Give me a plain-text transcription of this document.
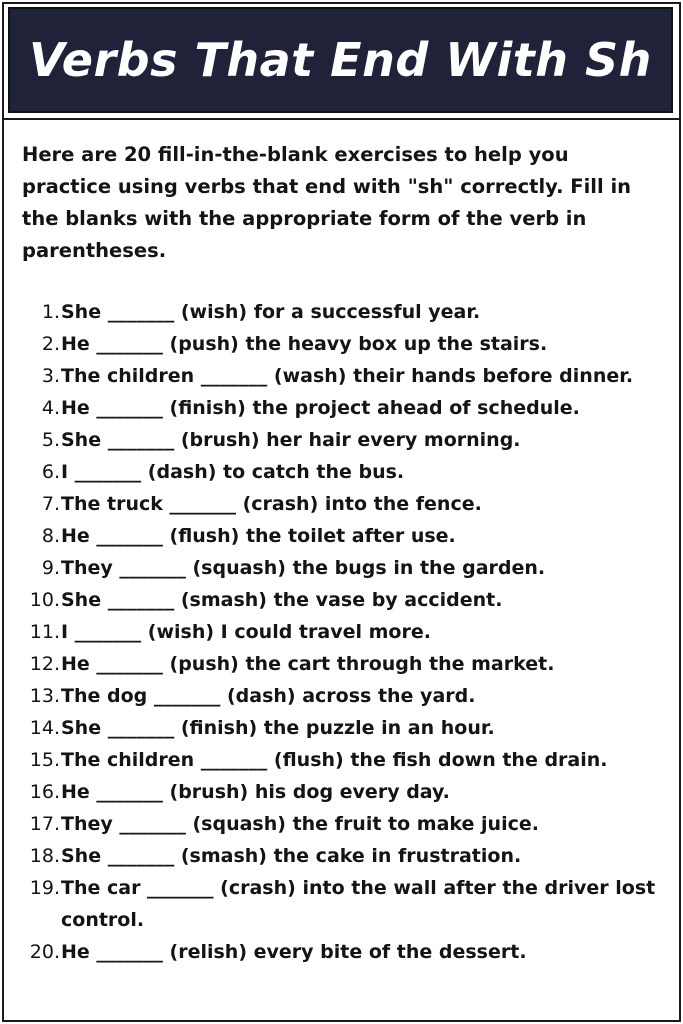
Verbs That End With Sh

Here are 20 fill-in-the-blank exercises to help you practice using verbs that end with "sh" correctly. Fill in the blanks with the appropriate form of the verb in parentheses.

1. She _______ (wish) for a successful year.
2. He _______ (push) the heavy box up the stairs.
3. The children _______ (wash) their hands before dinner.
4. He _______ (finish) the project ahead of schedule.
5. She _______ (brush) her hair every morning.
6. I _______ (dash) to catch the bus.
7. The truck _______ (crash) into the fence.
8. He _______ (flush) the toilet after use.
9. They _______ (squash) the bugs in the garden.
10. She _______ (smash) the vase by accident.
11. I _______ (wish) I could travel more.
12. He _______ (push) the cart through the market.
13. The dog _______ (dash) across the yard.
14. She _______ (finish) the puzzle in an hour.
15. The children _______ (flush) the fish down the drain.
16. He _______ (brush) his dog every day.
17. They _______ (squash) the fruit to make juice.
18. She _______ (smash) the cake in frustration.
19. The car _______ (crash) into the wall after the driver lost control.
20. He _______ (relish) every bite of the dessert.
